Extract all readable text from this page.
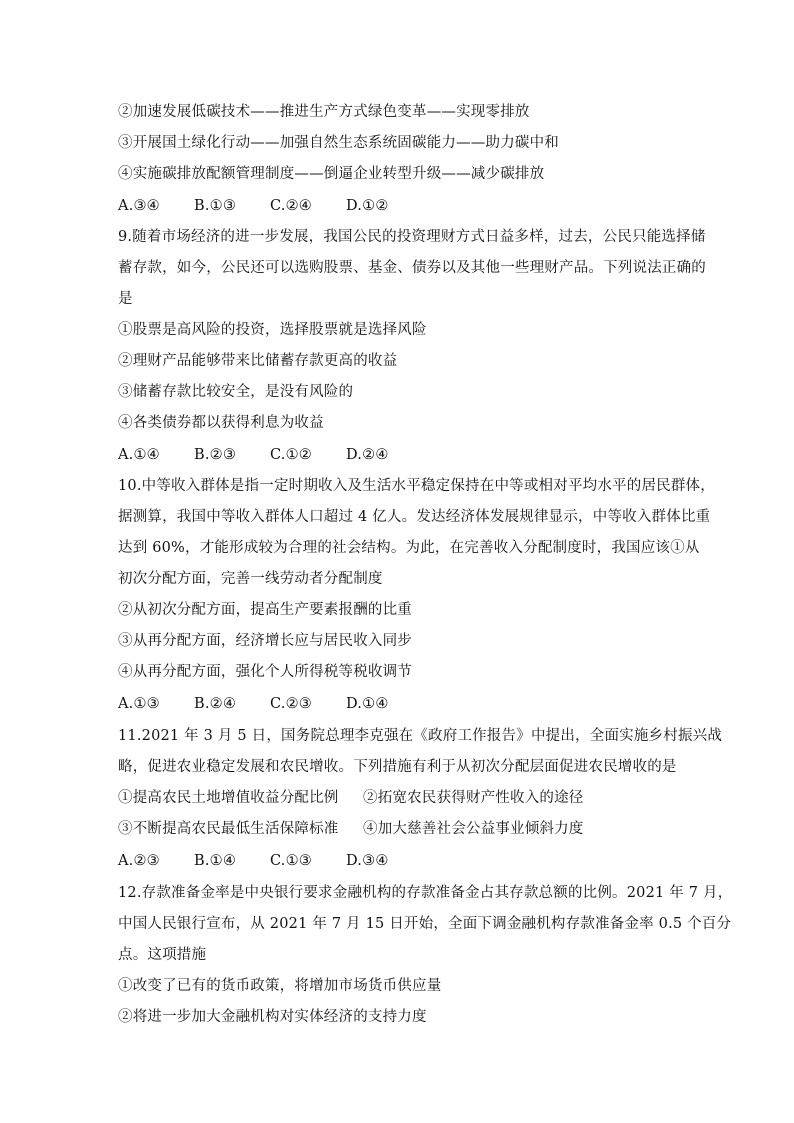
②加速发展低碳技术——推进生产方式绿色变革——实现零排放
③开展国土绿化行动——加强自然生态系统固碳能力——助力碳中和
④实施碳排放配额管理制度——倒逼企业转型升级——减少碳排放
A.③④ B.①③ C.②④ D.①②
9.随着市场经济的进一步发展，我国公民的投资理财方式日益多样，过去，公民只能选择储
蓄存款，如今，公民还可以选购股票、基金、债券以及其他一些理财产品。下列说法正确的
是
①股票是高风险的投资，选择股票就是选择风险
②理财产品能够带来比储蓄存款更高的收益
③储蓄存款比较安全，是没有风险的
④各类债券都以获得利息为收益
A.①④ B.②③ C.①② D.②④
10.中等收入群体是指一定时期收入及生活水平稳定保持在中等或相对平均水平的居民群体，
据测算，我国中等收入群体人口超过 4 亿人。发达经济体发展规律显示，中等收入群体比重
达到 60%，才能形成较为合理的社会结构。为此，在完善收入分配制度时，我国应该①从
初次分配方面，完善一线劳动者分配制度
②从初次分配方面，提高生产要素报酬的比重
③从再分配方面，经济增长应与居民收入同步
④从再分配方面，强化个人所得税等税收调节
A.①③ B.②④ C.②③ D.①④
11.2021 年 3 月 5 日，国务院总理李克强在《政府工作报告》中提出，全面实施乡村振兴战
略，促进农业稳定发展和农民增收。下列措施有利于从初次分配层面促进农民增收的是
①提高农民土地增值收益分配比例 ②拓宽农民获得财产性收入的途径
③不断提高农民最低生活保障标准 ④加大慈善社会公益事业倾斜力度
A.②③ B.①④ C.①③ D.③④
12.存款准备金率是中央银行要求金融机构的存款准备金占其存款总额的比例。2021 年 7 月，
中国人民银行宣布，从 2021 年 7 月 15 日开始，全面下调金融机构存款准备金率 0.5 个百分
点。这项措施
①改变了已有的货币政策，将增加市场货币供应量
②将进一步加大金融机构对实体经济的支持力度
